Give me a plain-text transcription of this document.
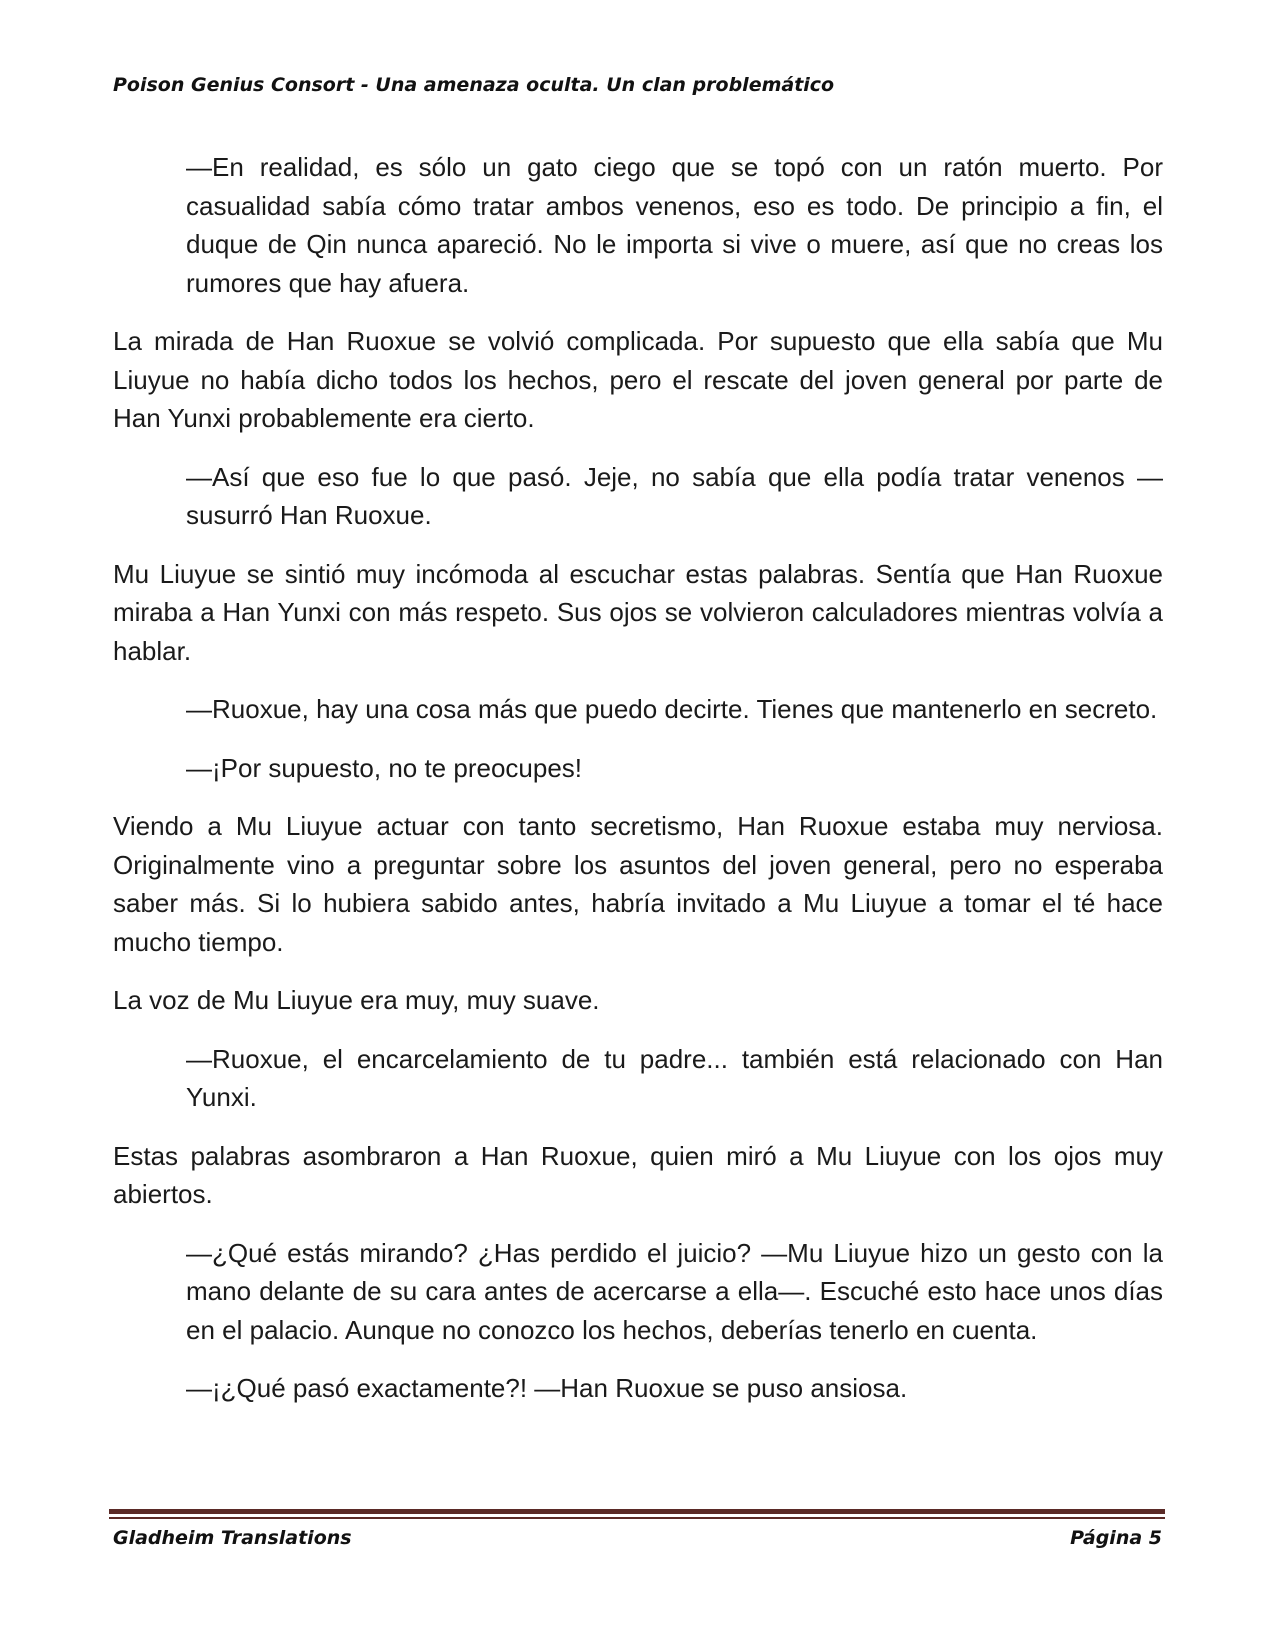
Poison Genius Consort - Una amenaza oculta. Un clan problemático

—En realidad, es sólo un gato ciego que se topó con un ratón muerto. Por casualidad sabía cómo tratar ambos venenos, eso es todo. De principio a fin, el duque de Qin nunca apareció. No le importa si vive o muere, así que no creas los rumores que hay afuera.

La mirada de Han Ruoxue se volvió complicada. Por supuesto que ella sabía que Mu Liuyue no había dicho todos los hechos, pero el rescate del joven general por parte de Han Yunxi probablemente era cierto.

—Así que eso fue lo que pasó. Jeje, no sabía que ella podía tratar venenos —susurró Han Ruoxue.

Mu Liuyue se sintió muy incómoda al escuchar estas palabras. Sentía que Han Ruoxue miraba a Han Yunxi con más respeto. Sus ojos se volvieron calculadores mientras volvía a hablar.

—Ruoxue, hay una cosa más que puedo decirte. Tienes que mantenerlo en secreto.

—¡Por supuesto, no te preocupes!

Viendo a Mu Liuyue actuar con tanto secretismo, Han Ruoxue estaba muy nerviosa. Originalmente vino a preguntar sobre los asuntos del joven general, pero no esperaba saber más. Si lo hubiera sabido antes, habría invitado a Mu Liuyue a tomar el té hace mucho tiempo.

La voz de Mu Liuyue era muy, muy suave.

—Ruoxue, el encarcelamiento de tu padre... también está relacionado con Han Yunxi.

Estas palabras asombraron a Han Ruoxue, quien miró a Mu Liuyue con los ojos muy abiertos.

—¿Qué estás mirando? ¿Has perdido el juicio? —Mu Liuyue hizo un gesto con la mano delante de su cara antes de acercarse a ella—. Escuché esto hace unos días en el palacio. Aunque no conozco los hechos, deberías tenerlo en cuenta.

—¡¿Qué pasó exactamente?! —Han Ruoxue se puso ansiosa.

Gladheim Translations	Página 5
